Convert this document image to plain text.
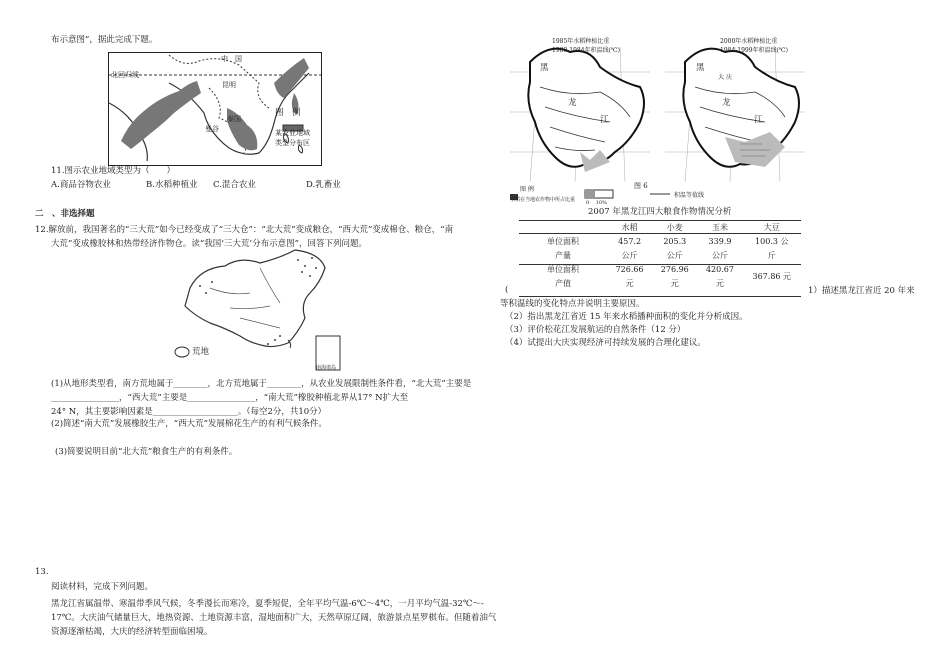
布示意图”，据此完成下题。
中　国
北回归线
昆明
泰国
曼谷
图　例
某农业地域
类型分布区
11.图示农业地域类型为（　　）
A.商品谷物农业	B.水稻种植业 C.混合农业	D.乳畜业
二　、非选择题
12.解放前，我国著名的“三大荒”如今已经变成了“三大仓”：“北大荒”变成粮仓，“西大荒”变成棉仓、粮仓，“南
大荒”变成橡胶林和热带经济作物仓。读“我国‘三大荒’分布示意图”，回答下列问题。
荒地
南海诸岛
(1)从地形类型看，南方荒地属于________，北方荒地属于________，从农业发展限制性条件看，“北大荒”主要是
________________，“西大荒”主要是________________，“南大荒”橡胶种植北界从17° N扩大至
24° N，其主要影响因素是____________________。（每空2分，共10分）
(2)简述“南大荒”发展橡胶生产，“西大荒”发展棉花生产的有利气候条件。
(3)简要说明目前“北大荒”粮食生产的有利条件。
13.
阅读材料，完成下列问题。
黑龙江省属温带、寒温带季风气候，冬季漫长而寒冷，夏季短促，全年平均气温-6℃～4℃，一月平均气温-32℃～-
17℃。大庆油气储量巨大，地热资源、土地资源丰富，湿地面积广大，天然草原辽阔，旅游景点星罗棋布。但随着油气
资源逐渐枯竭，大庆的经济转型面临困境。
1985年水稻种植比重
1980-1984年积温线(℃)
2000年水稻种植比重
1984-1999年积温线(℃)
黑
龙
江
黑
龙
江
大 庆
图 例
水稻在当地农作物中所占比重 0　 10%
积温等值线
图 6
2007 年黑龙江四大粮食作物情况分析
	水稻	小麦	玉米	大豆
单位面积	457.2	205.3	339.9	100.3 公
产量	公斤	公斤	公斤	斤
单位面积	726.66	276.96	420.67	367.86 元
产值	元	元	元	
(	1）描述黑龙江省近 20 年来
等积温线的变化特点并说明主要原因。
（2）指出黑龙江省近 15 年来水稻播种面积的变化并分析成因。
（3）评价松花江发展航运的自然条件（12 分）
（4）试提出大庆实现经济可持续发展的合理化建议。
